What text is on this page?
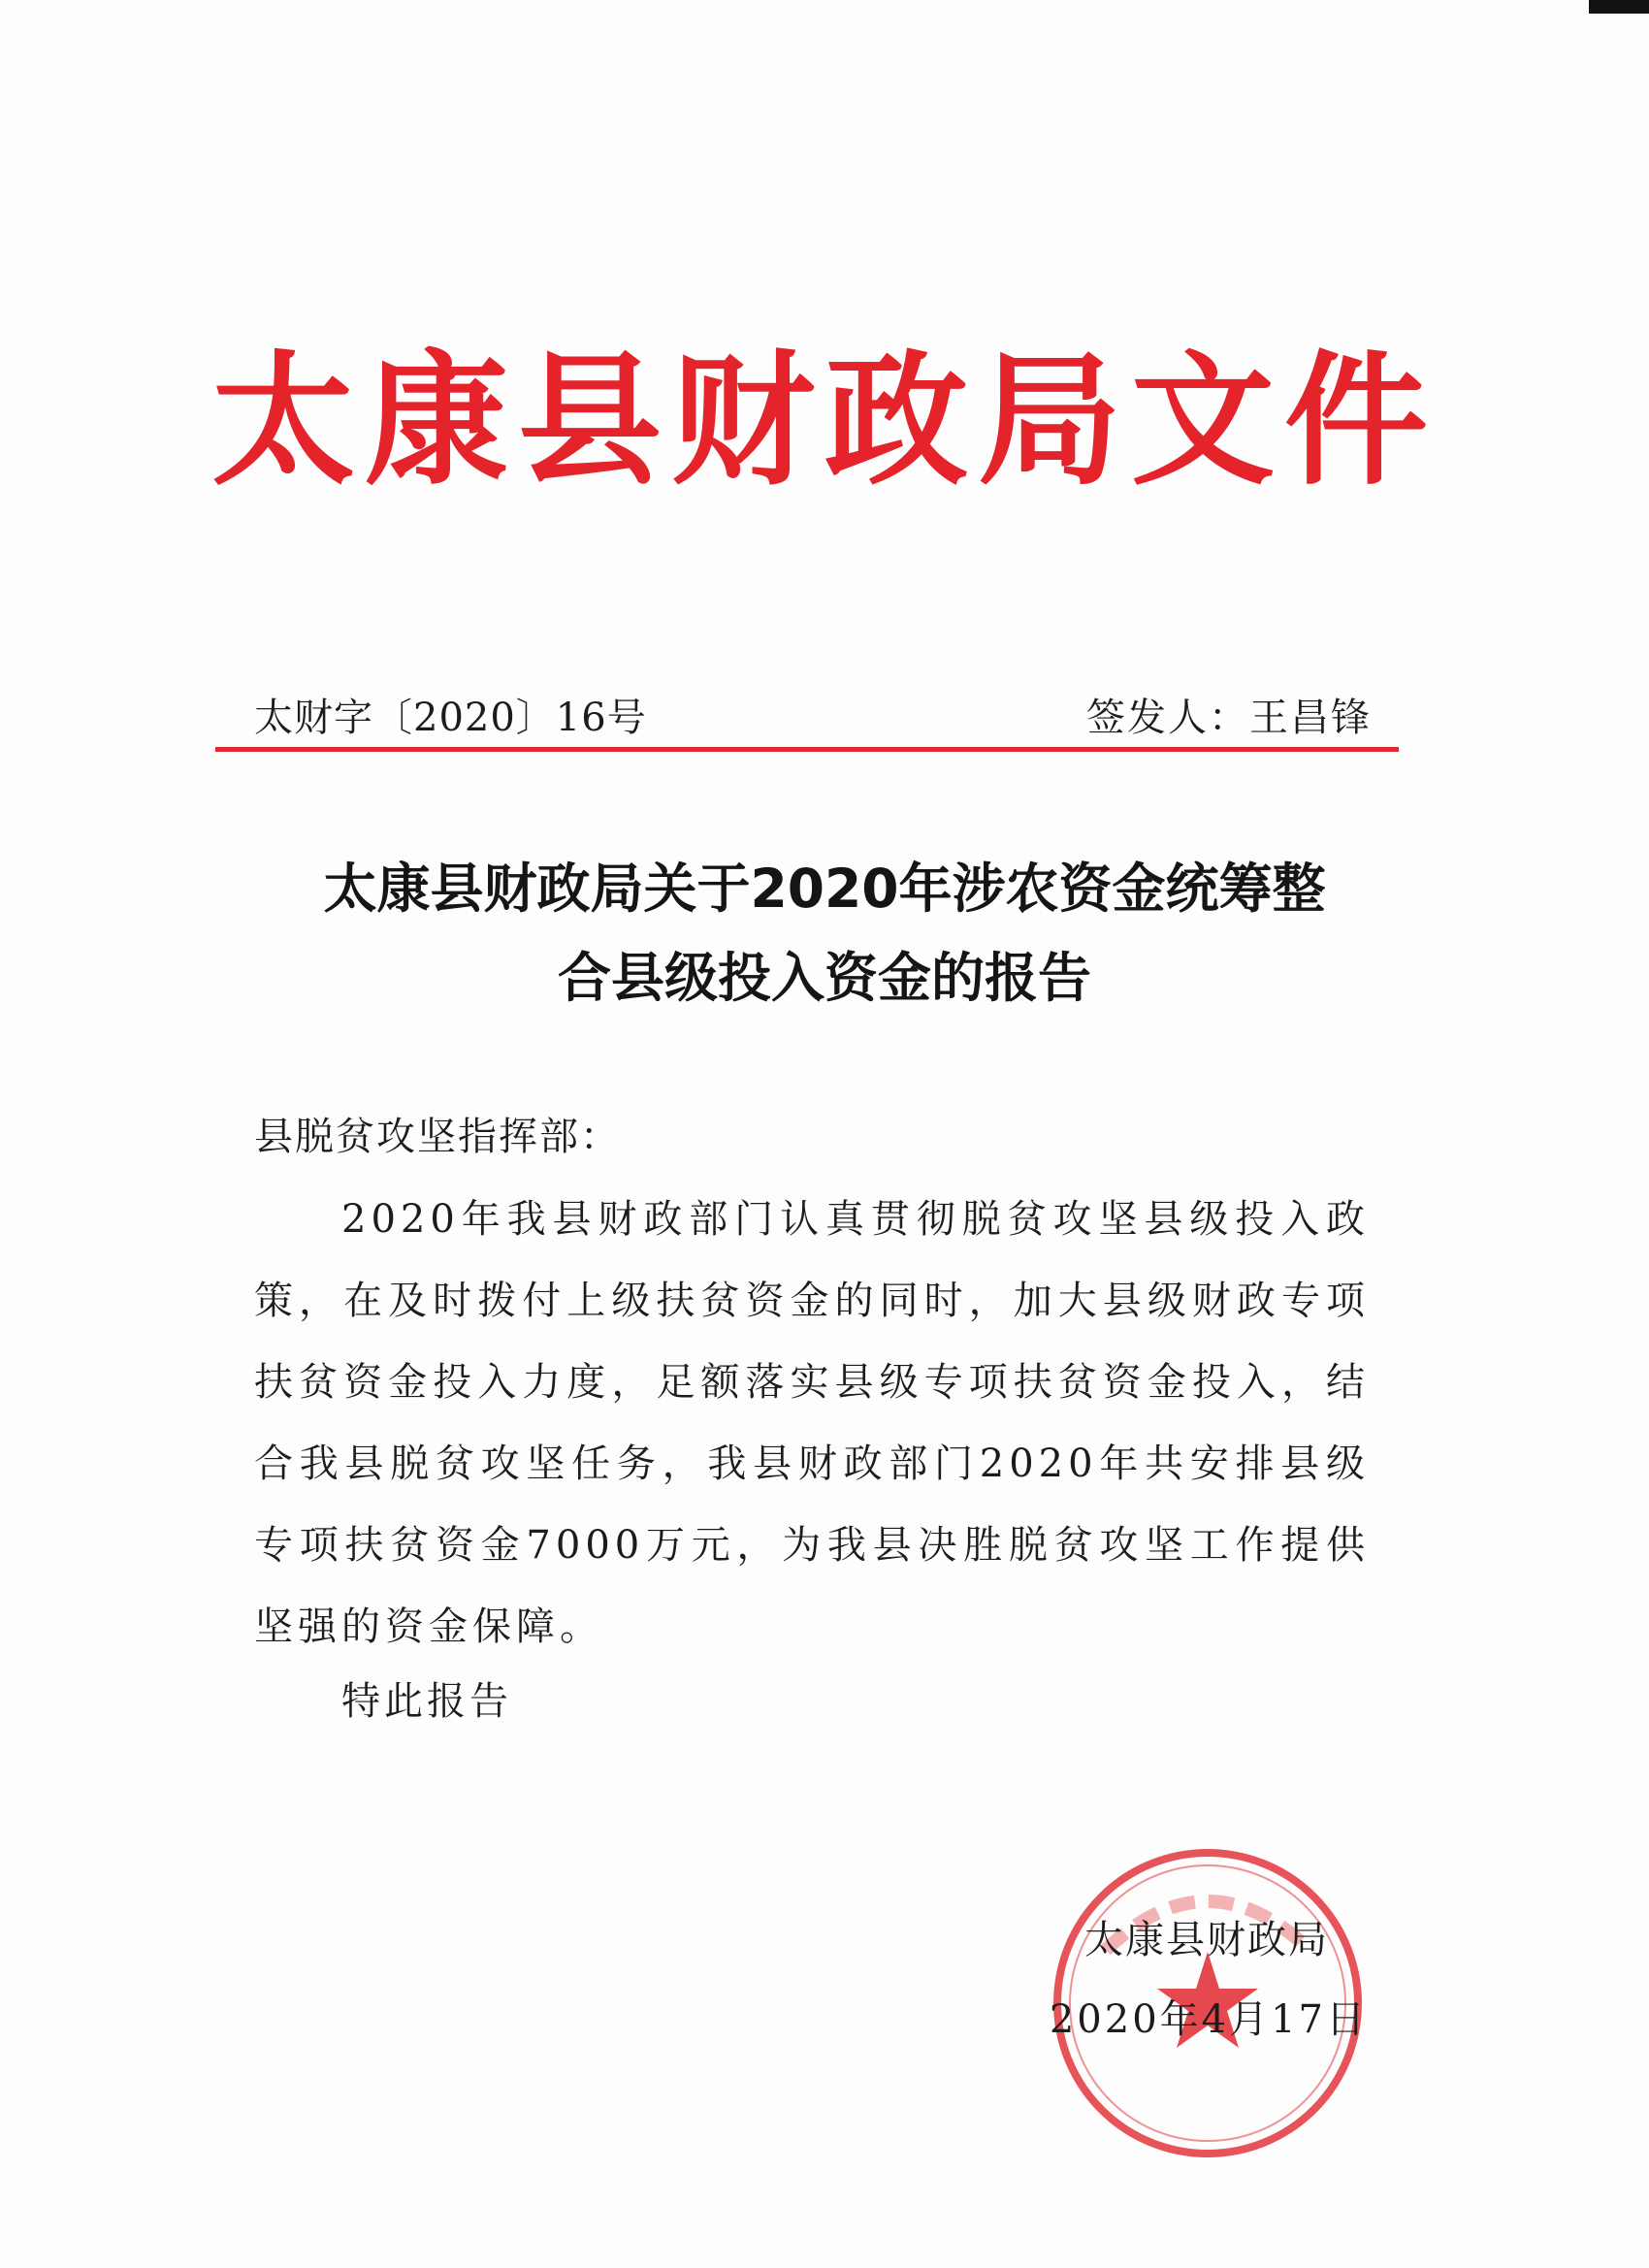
太康县财政局文件
太财字〔2020〕16号	签发人：王昌锋
太康县财政局关于2020年涉农资金统筹整
合县级投入资金的报告
县脱贫攻坚指挥部：
2020年我县财政部门认真贯彻脱贫攻坚县级投入政策，在及时拨付上级扶贫资金的同时，加大县级财政专项扶贫资金投入力度，足额落实县级专项扶贫资金投入，结合我县脱贫攻坚任务，我县财政部门2020年共安排县级专项扶贫资金7000万元，为我县决胜脱贫攻坚工作提供坚强的资金保障。
特此报告
太康县财政局
2020年4月17日
